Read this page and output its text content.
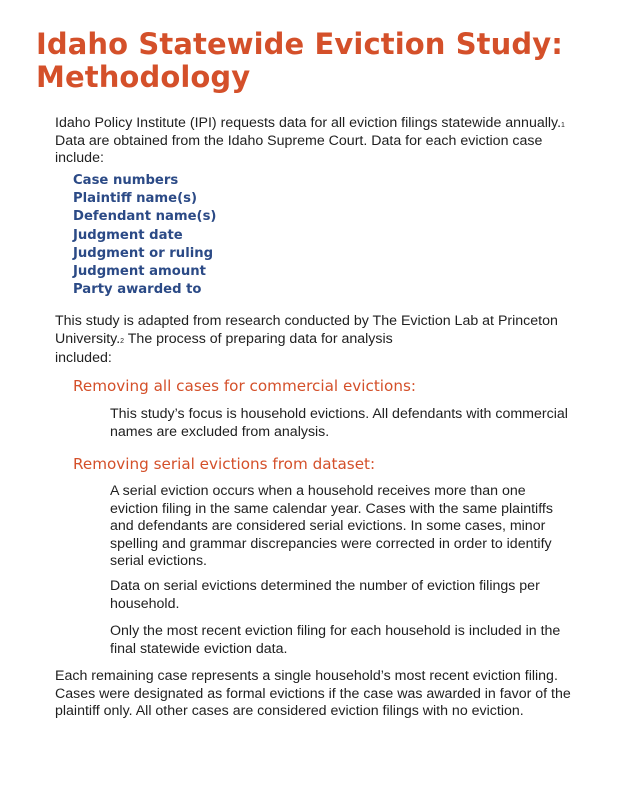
Idaho Statewide Eviction Study:
Methodology

Idaho Policy Institute (IPI) requests data for all eviction filings statewide annually.$^1$ Data are obtained from the Idaho Supreme Court. Data for each eviction case include:

Case numbers
Plaintiff name(s)
Defendant name(s)
Judgment date
Judgment or ruling
Judgment amount
Party awarded to

This study is adapted from research conducted by The Eviction Lab at Princeton University.$^2$ The process of preparing data for analysis
included:

Removing all cases for commercial evictions:

This study’s focus is household evictions. All defendants with commercial names are excluded from analysis.

Removing serial evictions from dataset:

A serial eviction occurs when a household receives more than one eviction filing in the same calendar year. Cases with the same plaintiffs and defendants are considered serial evictions. In some cases, minor spelling and grammar discrepancies were corrected in order to identify serial evictions.

Data on serial evictions determined the number of eviction filings per household.

Only the most recent eviction filing for each household is included in the final statewide eviction data.

Each remaining case represents a single household’s most recent eviction filing. Cases were designated as formal evictions if the case was awarded in favor of the plaintiff only. All other cases are considered eviction filings with no eviction.
